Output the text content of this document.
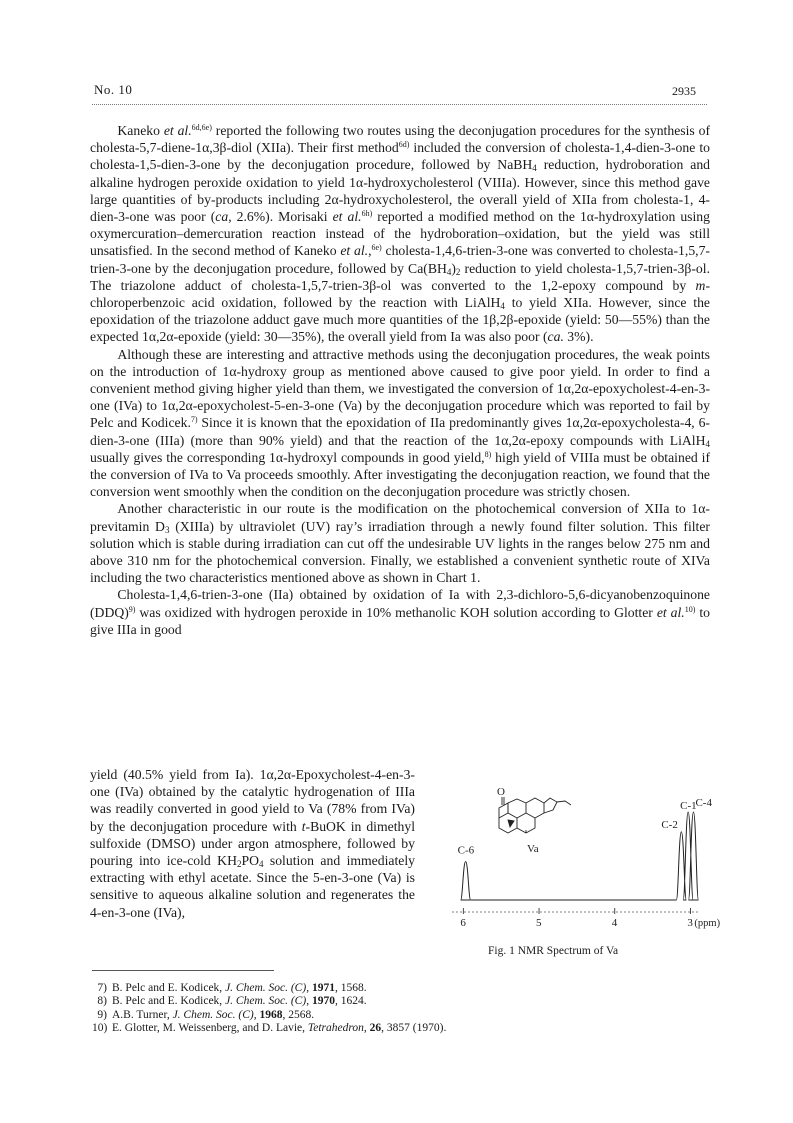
No. 10	2935

Kaneko et al.$^{6d,6e)}$ reported the following two routes using the deconjugation procedures for the synthesis of cholesta-5,7-diene-1α,3β-diol (XIIa). Their first method$^{6d)}$ included the conversion of cholesta-1,4-dien-3-one to cholesta-1,5-dien-3-one by the deconjugation procedure, followed by NaBH$_4$ reduction, hydroboration and alkaline hydrogen peroxide oxidation to yield 1α-hydroxycholesterol (VIIIa). However, since this method gave large quantities of by-products including 2α-hydroxycholesterol, the overall yield of XIIa from cholesta-1, 4-dien-3-one was poor (ca, 2.6%). Morisaki et al.$^{6h)}$ reported a modified method on the 1α-hydroxylation using oxymercuration–demercuration reaction instead of the hydroboration–oxidation, but the yield was still unsatisfied. In the second method of Kaneko et al.,$^{6e)}$ cholesta-1,4,6-trien-3-one was converted to cholesta-1,5,7-trien-3-one by the deconjugation procedure, followed by $Ca(BH_4)_2$ reduction to yield cholesta-1,5,7-trien-3β-ol. The triazolone adduct of cholesta-1,5,7-trien-3β-ol was converted to the 1,2-epoxy compound by m-chloroperbenzoic acid oxidation, followed by the reaction with LiAlH$_4$ to yield XIIa. However, since the epoxidation of the triazolone adduct gave much more quantities of the 1β,2β-epoxide (yield: 50—55%) than the expected 1α,2α-epoxide (yield: 30—35%), the overall yield from Ia was also poor (ca. 3%).

Although these are interesting and attractive methods using the deconjugation procedures, the weak points on the introduction of 1α-hydroxy group as mentioned above caused to give poor yield. In order to find a convenient method giving higher yield than them, we investigated the conversion of 1α,2α-epoxycholest-4-en-3-one (IVa) to 1α,2α-epoxycholest-5-en-3-one (Va) by the deconjugation procedure which was reported to fail by Pelc and Kodicek.$^{7)}$ Since it is known that the epoxidation of IIa predominantly gives 1α,2α-epoxycholesta-4, 6-dien-3-one (IIIa) (more than 90% yield) and that the reaction of the 1α,2α-epoxy compounds with LiAlH$_4$ usually gives the corresponding 1α-hydroxyl compounds in good yield,$^{8)}$ high yield of VIIIa must be obtained if the conversion of IVa to Va proceeds smoothly. After investigating the deconjugation reaction, we found that the conversion went smoothly when the condition on the deconjugation procedure was strictly chosen.

Another characteristic in our route is the modification on the photochemical conversion of XIIa to 1α-previtamin $D_3$ (XIIIa) by ultraviolet (UV) ray’s irradiation through a newly found filter solution. This filter solution which is stable during irradiation can cut off the undesirable UV lights in the ranges below 275 nm and above 310 nm for the photochemical conversion. Finally, we established a convenient synthetic route of XIVa including the two characteristics mentioned above as shown in Chart 1.

Cholesta-1,4,6-trien-3-one (IIa) obtained by oxidation of Ia with 2,3-dichloro-5,6-dicyanobenzoquinone (DDQ)$^{9)}$ was oxidized with hydrogen peroxide in 10% methanolic KOH solution according to Glotter et al.$^{10)}$ to give IIIa in good

yield (40.5% yield from Ia). 1α,2α-Epoxycholest-4-en-3-one (IVa) obtained by the catalytic hydrogenation of IIIa was readily converted in good yield to Va (78% from IVa) by the deconjugation procedure with t-BuOK in dimethyl sulfoxide (DMSO) under argon atmosphere, followed by pouring into ice-cold $KH_2PO_4$ solution and immediately extracting with ethyl acetate. Since the 5-en-3-one (Va) is sensitive to aqueous alkaline solution and regenerates the 4-en-3-one (IVa),

O
Va
C-6
C-2
C-1
C-4
6	5	4	3 (ppm)
Fig. 1 NMR Spectrum of Va
7) B. Pelc and E. Kodicek, J. Chem. Soc. (C), 1971, 1568.
8) B. Pelc and E. Kodicek, J. Chem. Soc. (C), 1970, 1624.
9) A.B. Turner, J. Chem. Soc. (C), 1968, 2568.
10) E. Glotter, M. Weissenberg, and D. Lavie, Tetrahedron, 26, 3857 (1970).
